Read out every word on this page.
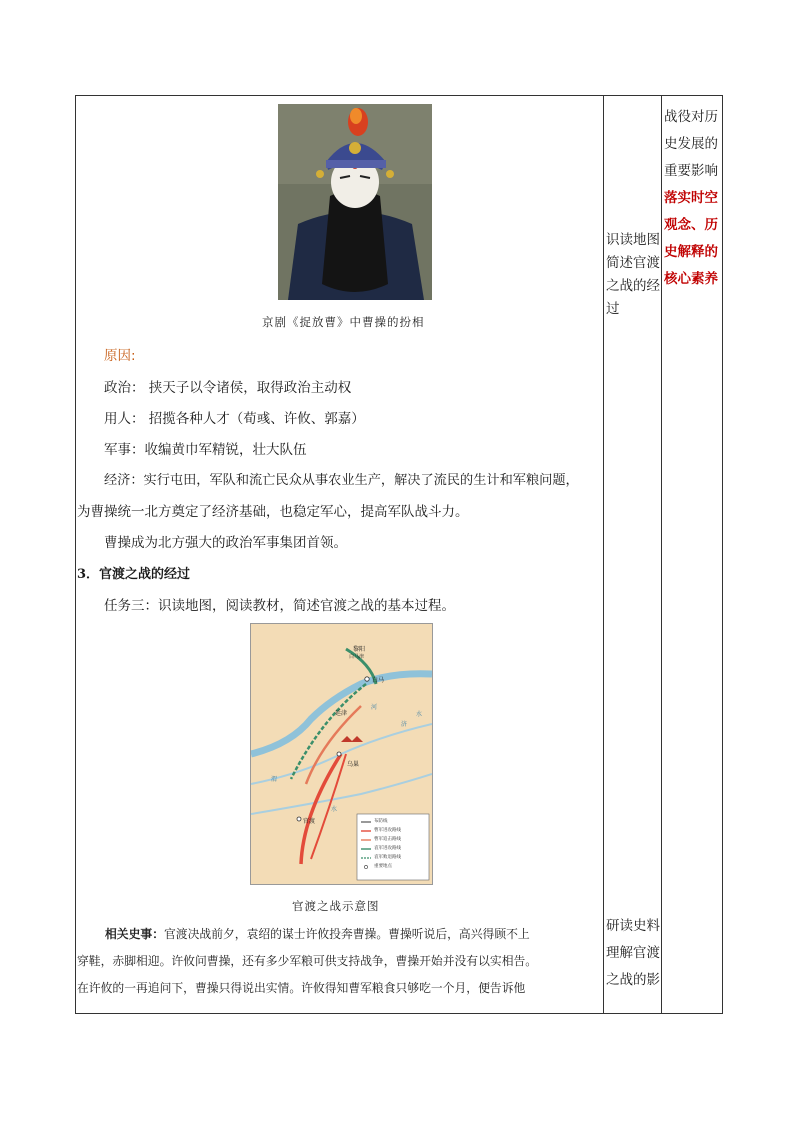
战役对历
史发展的
重要影响
落实时空
观念、历
史解释的
核心素养
识读地图
简述官渡
之战的经
过
研读史料
理解官渡
之战的影
京剧《捉放曹》中曹操的扮相
原因:
政治： 挟天子以令诸侯，取得政治主动权
用人： 招揽各种人才（荀彧、许攸、郭嘉）
军事：收编黄巾军精锐，壮大队伍
经济：实行屯田，军队和流亡民众从事农业生产，解决了流民的生计和军粮问题，
为曹操统一北方奠定了经济基础，也稳定军心，提高军队战斗力。
曹操成为北方强大的政治军事集团首领。
3．官渡之战的经过
任务三：识读地图，阅读教材，简述官渡之战的基本过程。
黎阳
白马津
白马
延津
乌巢
官渡
河
济
水
渭
水
布防线
曹军进攻路线
曹军追击路线
袁军进攻路线
袁军败退路线
重要地点
官渡之战示意图
相关史事：官渡决战前夕，袁绍的谋士许攸投奔曹操。曹操听说后，高兴得顾不上
穿鞋，赤脚相迎。许攸问曹操，还有多少军粮可供支持战争，曹操开始并没有以实相告。
在许攸的一再追问下，曹操只得说出实情。许攸得知曹军粮食只够吃一个月，便告诉他
